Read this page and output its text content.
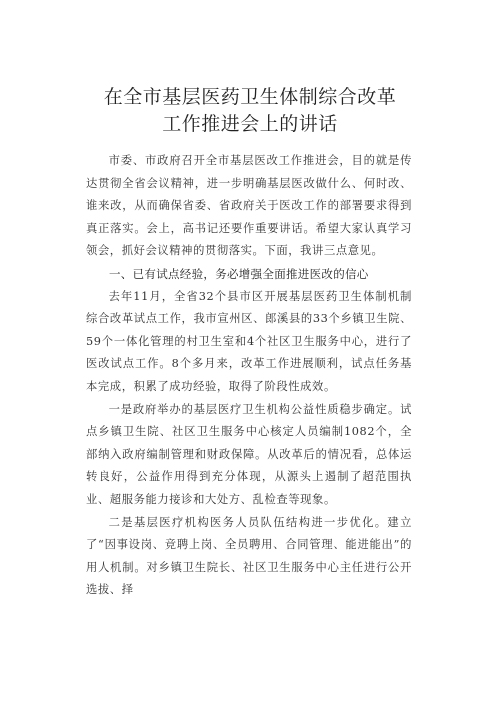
在全市基层医药卫生体制综合改革
工作推进会上的讲话

市委、市政府召开全市基层医改工作推进会，目的就是传达贯彻全省会议精神，进一步明确基层医改做什么、何时改、谁来改，从而确保省委、省政府关于医改工作的部署要求得到真正落实。会上，高书记还要作重要讲话。希望大家认真学习领会，抓好会议精神的贯彻落实。下面，我讲三点意见。

一、已有试点经验，务必增强全面推进医改的信心

去年11月，全省32个县市区开展基层医药卫生体制机制综合改革试点工作，我市宣州区、郎溪县的33个乡镇卫生院、59个一体化管理的村卫生室和4个社区卫生服务中心，进行了医改试点工作。8个多月来，改革工作进展顺利，试点任务基本完成，积累了成功经验，取得了阶段性成效。

一是政府举办的基层医疗卫生机构公益性质稳步确定。试点乡镇卫生院、社区卫生服务中心核定人员编制1082个，全部纳入政府编制管理和财政保障。从改革后的情况看，总体运转良好，公益作用得到充分体现，从源头上遏制了超范围执业、超服务能力接诊和大处方、乱检查等现象。

二是基层医疗机构医务人员队伍结构进一步优化。建立了“因事设岗、竞聘上岗、全员聘用、合同管理、能进能出”的用人机制。对乡镇卫生院长、社区卫生服务中心主任进行公开选拔、择
